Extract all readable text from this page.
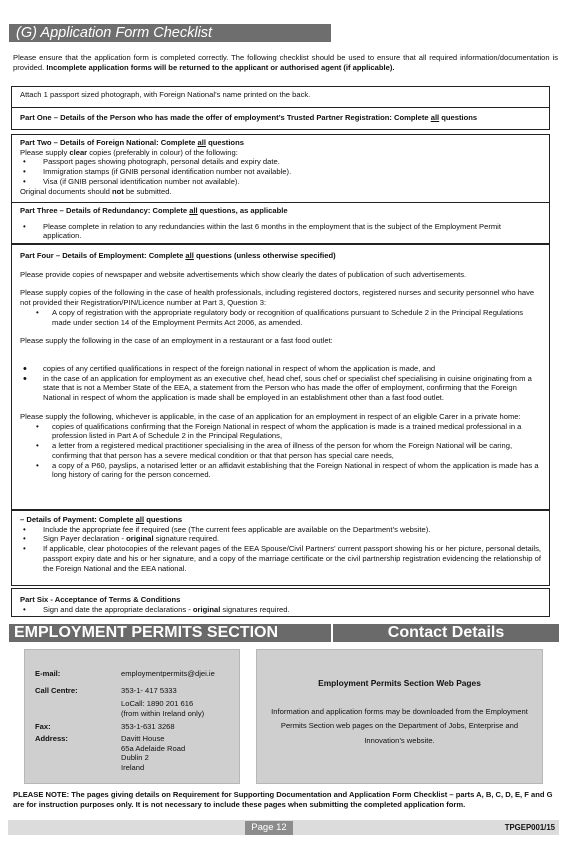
(G) Application Form Checklist
Please ensure that the application form is completed correctly. The following checklist should be used to ensure that all required information/documentation is provided. Incomplete application forms will be returned to the applicant or authorised agent (if applicable).
Attach 1 passport sized photograph, with Foreign National’s name printed on the back.
Part One – Details of the Person who has made the offer of employment’s Trusted Partner Registration: Complete all questions
Part Two – Details of Foreign National: Complete all questions
Please supply clear copies (preferably in colour) of the following:
• Passport pages showing photograph, personal details and expiry date.
• Immigration stamps (if GNIB personal identification number not available).
• Visa (if GNIB personal identification number not available).
Original documents should not be submitted.
Part Three – Details of Redundancy: Complete all questions, as applicable
• Please complete in relation to any redundancies within the last 6 months in the employment that is the subject of the Employment Permit application.
Part Four – Details of Employment: Complete all questions (unless otherwise specified)
Please provide copies of newspaper and website advertisements which show clearly the dates of publication of such advertisements.
Please supply copies of the following in the case of health professionals, including registered doctors, registered nurses and security personnel who have not provided their Registration/PIN/Licence number at Part 3, Question 3:
• A copy of registration with the appropriate regulatory body or recognition of qualifications pursuant to Schedule 2 in the Principal Regulations made under section 14 of the Employment Permits Act 2006, as amended.
Please supply the following in the case of an employment in a restaurant or a fast food outlet:
• copies of any certified qualifications in respect of the foreign national in respect of whom the application is made, and
• in the case of an application for employment as an executive chef, head chef, sous chef or specialist chef specialising in cuisine originating from a state that is not a Member State of the EEA, a statement from the Person who has made the offer of employment, confirming that the Foreign National in respect of whom the application is made shall be employed in an establishment other than a fast food outlet.
Please supply the following, whichever is applicable, in the case of an application for an employment in respect of an eligible Carer in a private home:
• copies of qualifications confirming that the Foreign National in respect of whom the application is made is a trained medical professional in a profession listed in Part A of Schedule 2 in the Principal Regulations,
• a letter from a registered medical practitioner specialising in the area of illness of the person for whom the Foreign National will be caring, confirming that that person has a severe medical condition or that that person has special care needs,
• a copy of a P60, payslips, a notarised letter or an affidavit establishing that the Foreign National in respect of whom the application is made has a long history of caring for the person concerned.
– Details of Payment: Complete all questions
• Include the appropriate fee if required (see (The current fees applicable are available on the Department’s website).
• Sign Payer declaration - original signature required.
• If applicable, clear photocopies of the relevant pages of the EEA Spouse/Civil Partners’ current passport showing his or her picture, personal details, passport expiry date and his or her signature, and a copy of the marriage certificate or the civil partnership registration evidencing the relationship of the Foreign National and the EEA national.
Part Six - Acceptance of Terms & Conditions
• Sign and date the appropriate declarations - original signatures required.
EMPLOYMENT PERMITS SECTION	Contact Details
E-mail:	employmentpermits@djei.ie
Call Centre:	353-1- 417 5333
LoCall: 1890 201 616
(from within Ireland only)
Fax:	353-1-631 3268
Address:	Davitt House
65a Adelaide Road
Dublin 2
Ireland
Employment Permits Section Web Pages
Information and application forms may be downloaded from the Employment Permits Section web pages on the Department of Jobs, Enterprise and Innovation’s website.
PLEASE NOTE: The pages giving details on Requirement for Supporting Documentation and Application Form Checklist – parts A, B, C, D, E, F and G are for instruction purposes only. It is not necessary to include these pages when submitting the completed application form.
Page 12	TPGEP001/15
